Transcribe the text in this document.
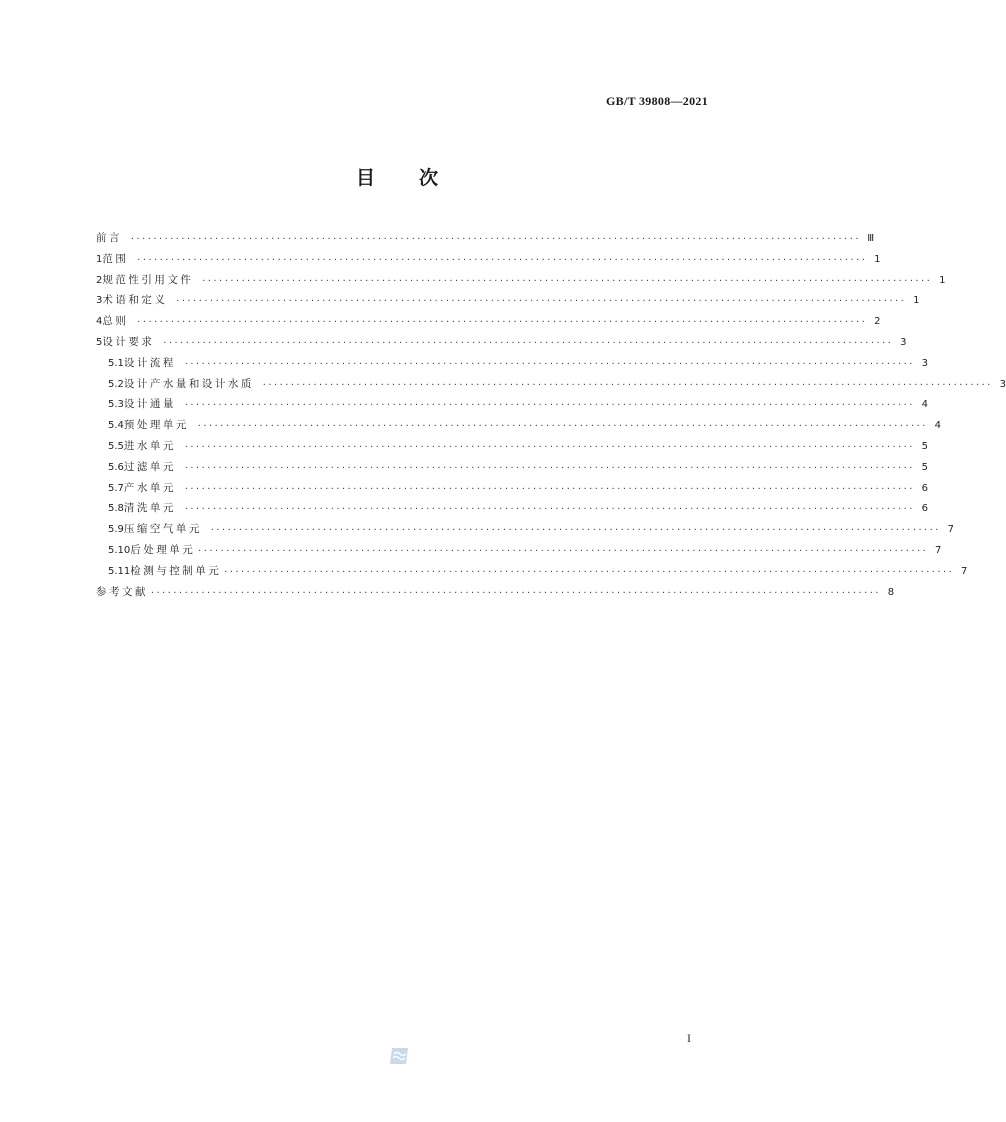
GB/T 39808—2021
目 次
前言 ·································································································································· Ⅲ
1 范围 ·································································································································· 1
2 规范性引用文件 ·································································································································· 1
3 术语和定义 ·································································································································· 1
4 总则 ·································································································································· 2
5 设计要求 ·································································································································· 3
5.1 设计流程 ·································································································································· 3
5.2 设计产水量和设计水质 ·································································································································· 3
5.3 设计通量 ·································································································································· 4
5.4 预处理单元 ·································································································································· 4
5.5 进水单元 ·································································································································· 5
5.6 过滤单元 ·································································································································· 5
5.7 产水单元 ·································································································································· 6
5.8 清洗单元 ·································································································································· 6
5.9 压缩空气单元 ·································································································································· 7
5.10 后处理单元 ·································································································································· 7
5.11 检测与控制单元 ·································································································································· 7
参考文献 ·································································································································· 8
I
